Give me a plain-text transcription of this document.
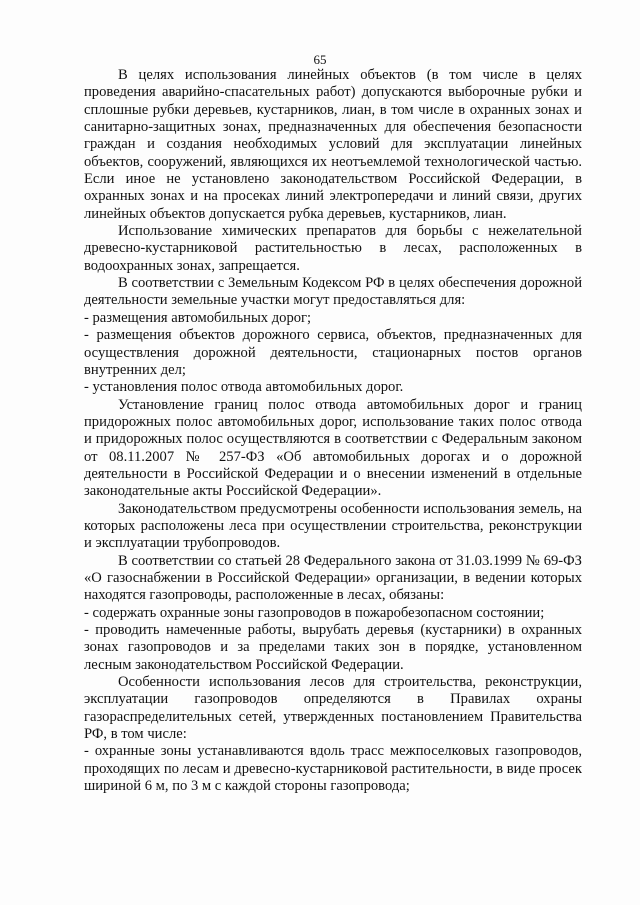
65

В целях использования линейных объектов (в том числе в целях проведения аварийно-спасательных работ) допускаются выборочные рубки и сплошные рубки деревьев, кустарников, лиан, в том числе в охранных зонах и санитарно-защитных зонах, предназначенных для обеспечения безопасности граждан и создания необходимых условий для эксплуатации линейных объектов, сооружений, являющихся их неотъемлемой технологической частью. Если иное не установлено законодательством Российской Федерации, в охранных зонах и на просеках линий электропередачи и линий связи, других линейных объектов допускается рубка деревьев, кустарников, лиан.

Использование химических препаратов для борьбы с нежелательной древесно-кустарниковой растительностью в лесах, расположенных в водоохранных зонах, запрещается.

В соответствии с Земельным Кодексом РФ в целях обеспечения дорожной деятельности земельные участки могут предоставляться для:

- размещения автомобильных дорог;

- размещения объектов дорожного сервиса, объектов, предназначенных для осуществления дорожной деятельности, стационарных постов органов внутренних дел;

- установления полос отвода автомобильных дорог.

Установление границ полос отвода автомобильных дорог и границ придорожных полос автомобильных дорог, использование таких полос отвода и придорожных полос осуществляются в соответствии с Федеральным законом от 08.11.2007 № 257-ФЗ «Об автомобильных дорогах и о дорожной деятельности в Российской Федерации и о внесении изменений в отдельные законодательные акты Российской Федерации».

Законодательством предусмотрены особенности использования земель, на которых расположены леса при осуществлении строительства, реконструкции и эксплуатации трубопроводов.

В соответствии со статьей 28 Федерального закона от 31.03.1999 № 69-ФЗ «О газоснабжении в Российской Федерации» организации, в ведении которых находятся газопроводы, расположенные в лесах, обязаны:

- содержать охранные зоны газопроводов в пожаробезопасном состоянии;

- проводить намеченные работы, вырубать деревья (кустарники) в охранных зонах газопроводов и за пределами таких зон в порядке, установленном лесным законодательством Российской Федерации.

Особенности использования лесов для строительства, реконструкции, эксплуатации газопроводов определяются в Правилах охраны газораспределительных сетей, утвержденных постановлением Правительства РФ, в том числе:

- охранные зоны устанавливаются вдоль трасс межпоселковых газопроводов, проходящих по лесам и древесно-кустарниковой растительности, в виде просек шириной 6 м, по 3 м с каждой стороны газопровода;
